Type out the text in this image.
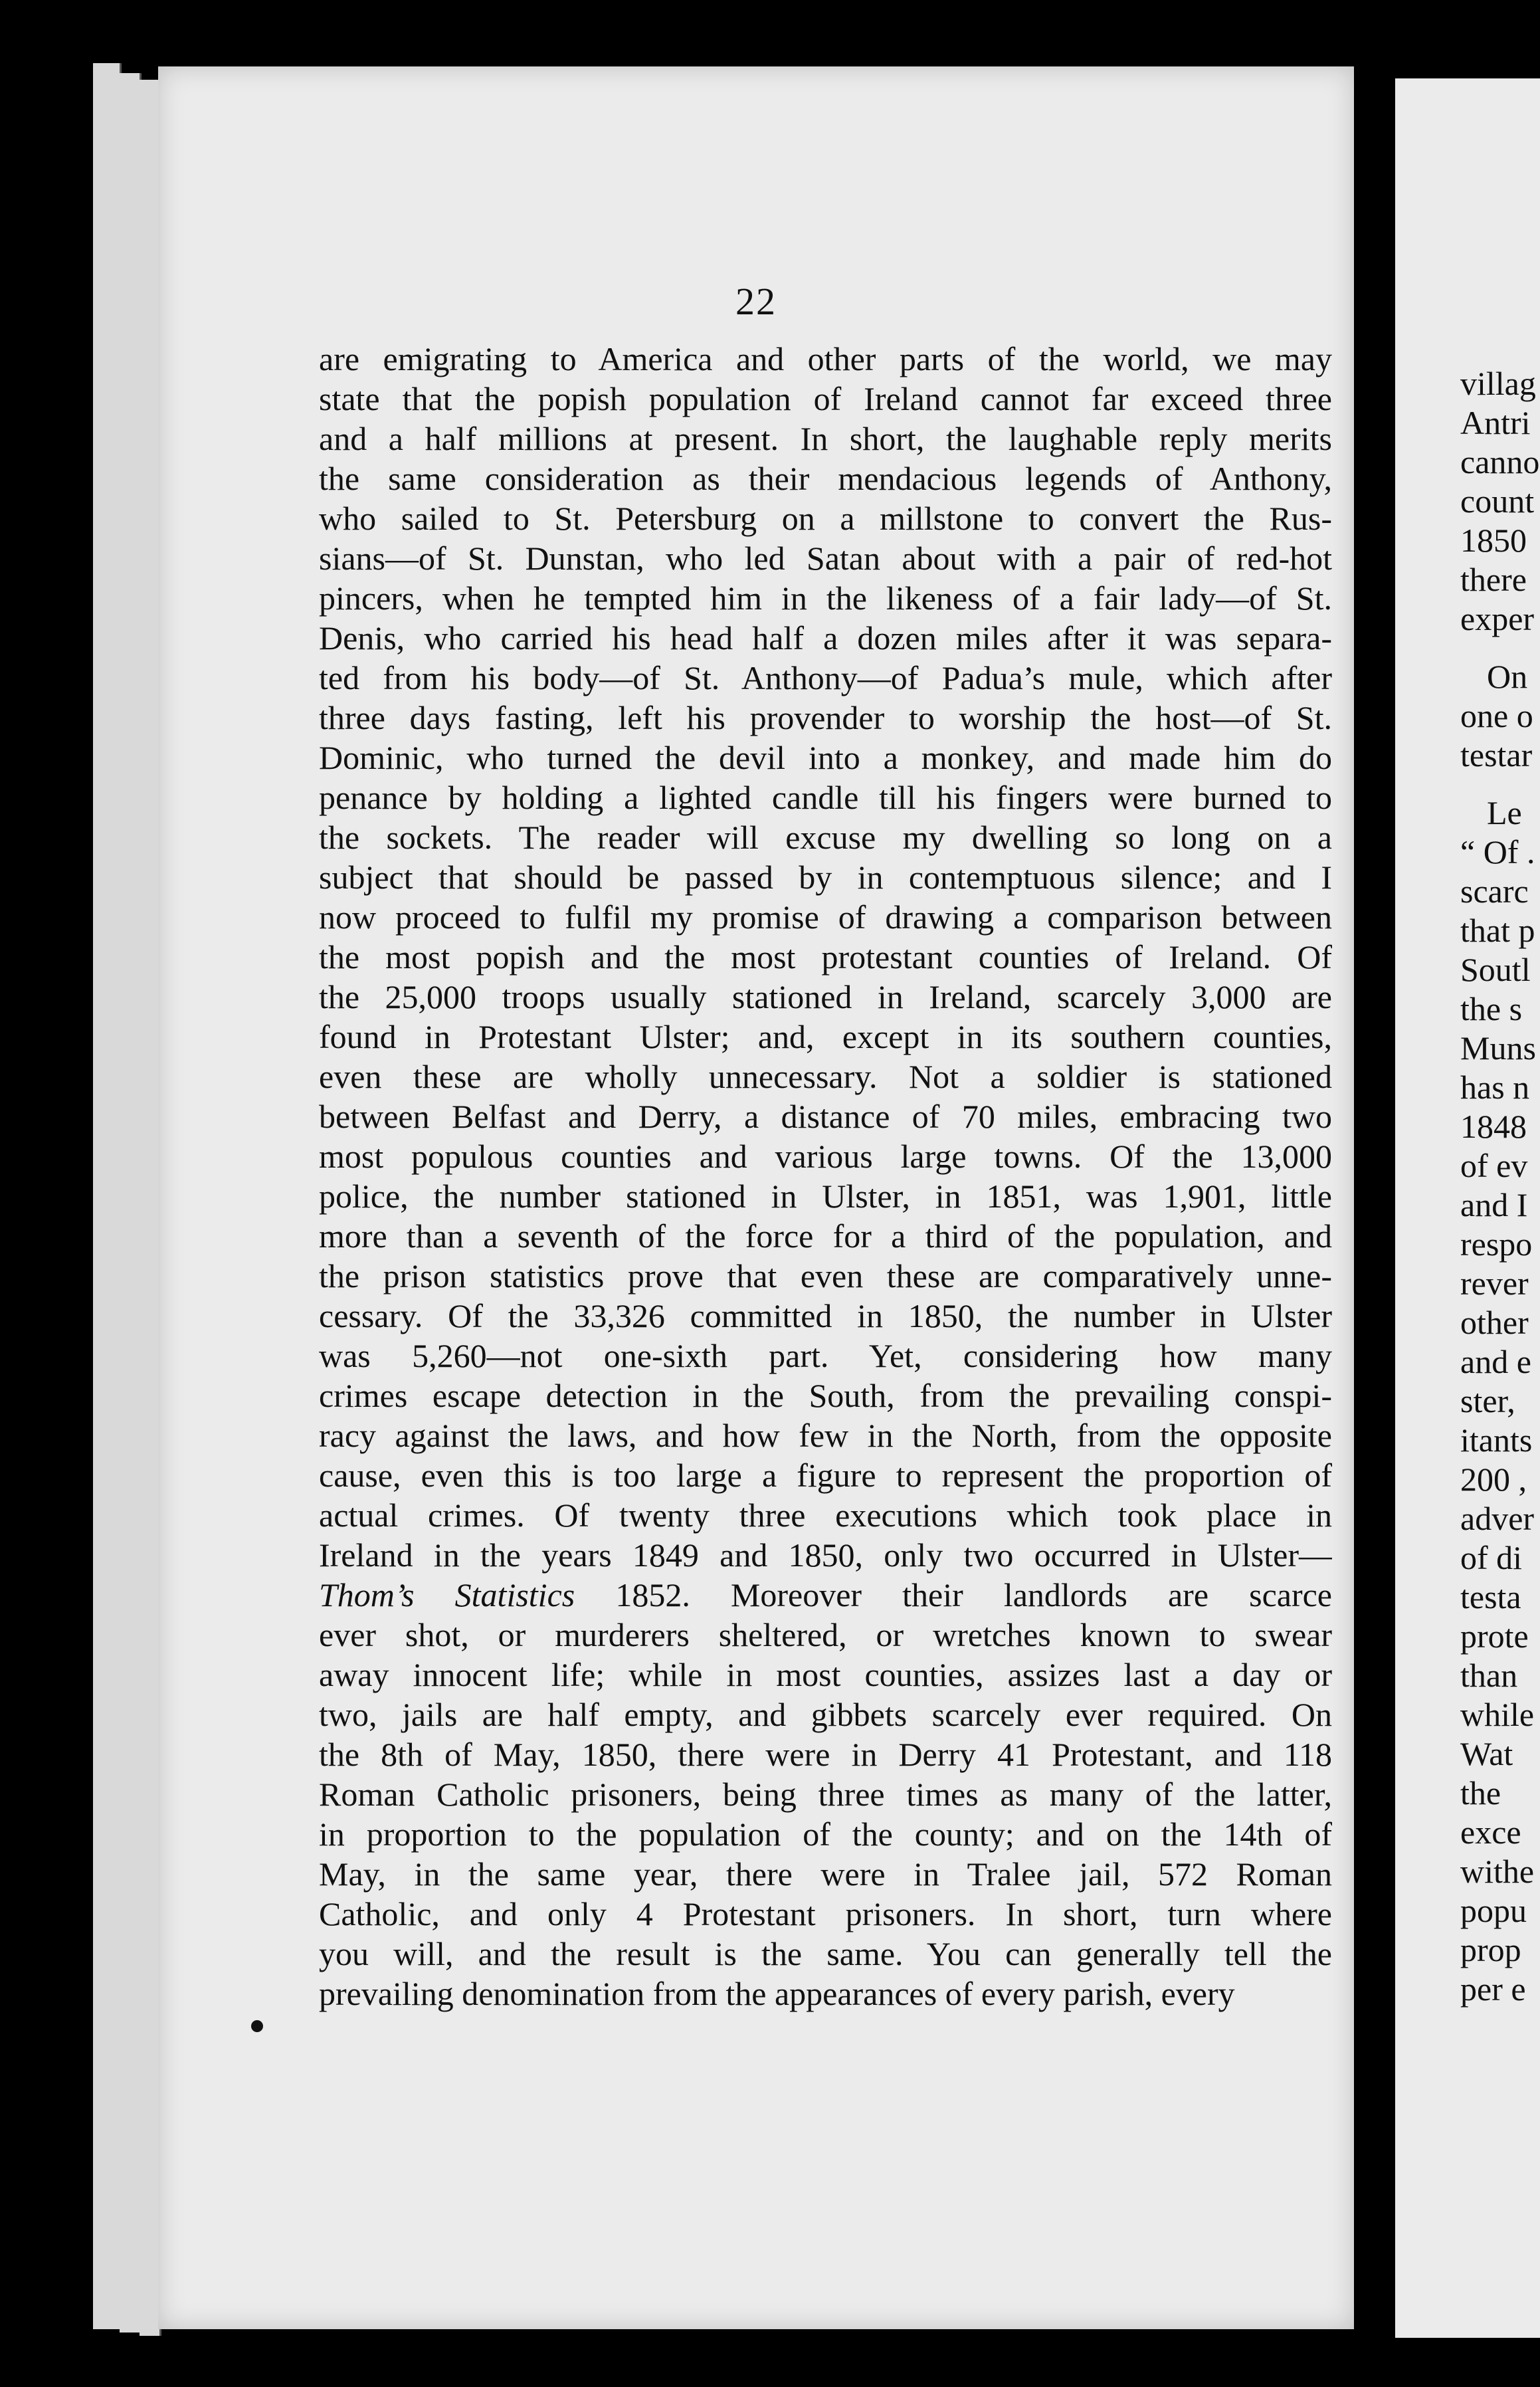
22
are emigrating to America and other parts of the world, we may
state that the popish population of Ireland cannot far exceed three
and a half millions at present. In short, the laughable reply merits
the same consideration as their mendacious legends of Anthony,
who sailed to St. Petersburg on a millstone to convert the Rus-
sians—of St. Dunstan, who led Satan about with a pair of red-hot
pincers, when he tempted him in the likeness of a fair lady—of St.
Denis, who carried his head half a dozen miles after it was separa-
ted from his body—of St. Anthony—of Padua’s mule, which after
three days fasting, left his provender to worship the host—of St.
Dominic, who turned the devil into a monkey, and made him do
penance by holding a lighted candle till his fingers were burned to
the sockets. The reader will excuse my dwelling so long on a
subject that should be passed by in contemptuous silence; and I
now proceed to fulfil my promise of drawing a comparison between
the most popish and the most protestant counties of Ireland. Of
the 25,000 troops usually stationed in Ireland, scarcely 3,000 are
found in Protestant Ulster; and, except in its southern counties,
even these are wholly unnecessary. Not a soldier is stationed
between Belfast and Derry, a distance of 70 miles, embracing two
most populous counties and various large towns. Of the 13,000
police, the number stationed in Ulster, in 1851, was 1,901, little
more than a seventh of the force for a third of the population, and
the prison statistics prove that even these are comparatively unne-
cessary. Of the 33,326 committed in 1850, the number in Ulster
was 5,260—not one-sixth part. Yet, considering how many
crimes escape detection in the South, from the prevailing conspi-
racy against the laws, and how few in the North, from the opposite
cause, even this is too large a figure to represent the proportion of
actual crimes. Of twenty three executions which took place in
Ireland in the years 1849 and 1850, only two occurred in Ulster—
Thom’s Statistics 1852. Moreover their landlords are scarce
ever shot, or murderers sheltered, or wretches known to swear
away innocent life; while in most counties, assizes last a day or
two, jails are half empty, and gibbets scarcely ever required. On
the 8th of May, 1850, there were in Derry 41 Protestant, and 118
Roman Catholic prisoners, being three times as many of the latter,
in proportion to the population of the county; and on the 14th of
May, in the same year, there were in Tralee jail, 572 Roman
Catholic, and only 4 Protestant prisoners. In short, turn where
you will, and the result is the same. You can generally tell the
prevailing denomination from the appearances of every parish, every
villag
Antri
canno
count
1850
there
exper
On
one o
testar
Le
“ Of .
scarc
that p
Soutl
the s
Muns
has n
1848
of ev
and I
respo
rever
other
and e
ster,
itants
200 ,
adver
of di
testa
prote
than
while
Wat
the
exce
withe
popu
prop
per e
